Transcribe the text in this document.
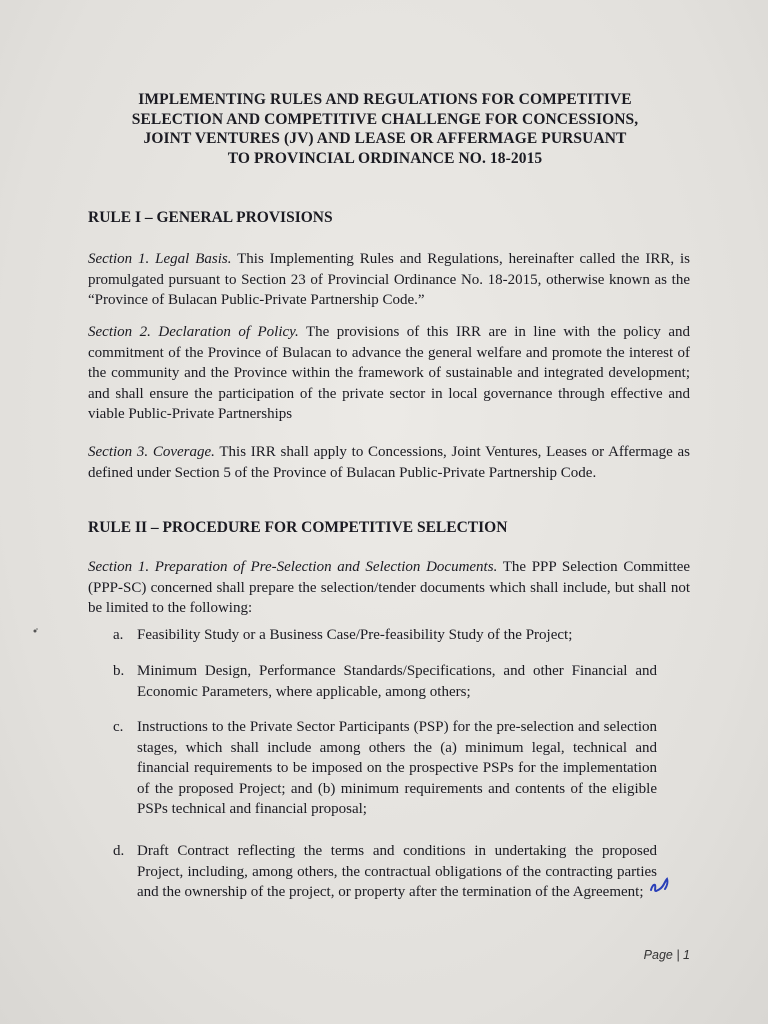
IMPLEMENTING RULES AND REGULATIONS FOR COMPETITIVE
SELECTION AND COMPETITIVE CHALLENGE FOR CONCESSIONS,
JOINT VENTURES (JV) AND LEASE OR AFFERMAGE PURSUANT
TO PROVINCIAL ORDINANCE NO. 18-2015
RULE I – GENERAL PROVISIONS
Section 1. Legal Basis. This Implementing Rules and Regulations, hereinafter called the IRR, is promulgated pursuant to Section 23 of Provincial Ordinance No. 18-2015, otherwise known as the “Province of Bulacan Public-Private Partnership Code.”
Section 2. Declaration of Policy. The provisions of this IRR are in line with the policy and commitment of the Province of Bulacan to advance the general welfare and promote the interest of the community and the Province within the framework of sustainable and integrated development; and shall ensure the participation of the private sector in local governance through effective and viable Public-Private Partnerships
Section 3. Coverage. This IRR shall apply to Concessions, Joint Ventures, Leases or Affermage as defined under Section 5 of the Province of Bulacan Public-Private Partnership Code.
RULE II – PROCEDURE FOR COMPETITIVE SELECTION
Section 1. Preparation of Pre-Selection and Selection Documents. The PPP Selection Committee (PPP-SC) concerned shall prepare the selection/tender documents which shall include, but shall not be limited to the following:
a. Feasibility Study or a Business Case/Pre-feasibility Study of the Project;
b. Minimum Design, Performance Standards/Specifications, and other Financial and Economic Parameters, where applicable, among others;
c. Instructions to the Private Sector Participants (PSP) for the pre-selection and selection stages, which shall include among others the (a) minimum legal, technical and financial requirements to be imposed on the prospective PSPs for the implementation of the proposed Project; and (b) minimum requirements and contents of the eligible PSPs technical and financial proposal;
d. Draft Contract reflecting the terms and conditions in undertaking the proposed Project, including, among others, the contractual obligations of the contracting parties and the ownership of the project, or property after the termination of the Agreement;
Page | 1
